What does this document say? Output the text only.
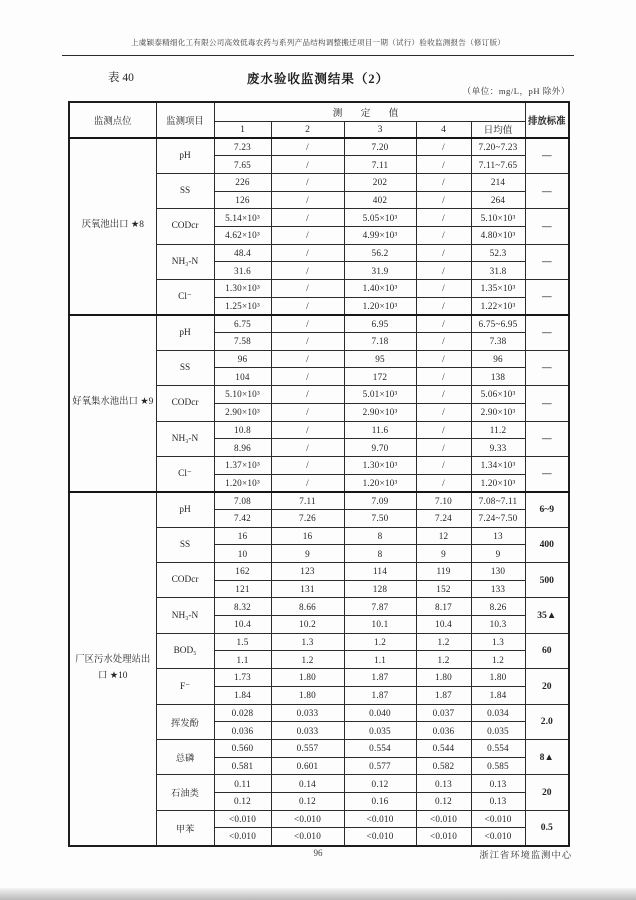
上虞颖泰精细化工有限公司高效低毒农药与系列产品结构调整搬迁项目一期（试行）验收监测报告（修订版）
表 40	废水验收监测结果（2）
（单位：mg/L，pH 除外）
监测点位	监测项目	测 定 值					排放标准
		1	2	3	4	日均值	
厌氧池出口 ★8	pH	7.23	/	7.20	/	7.20~7.23	—
		7.65	/	7.11	/	7.11~7.65	
	SS	226	/	202	/	214	—
		126	/	402	/	264	
	CODcr	5.14×10³	/	5.05×10³	/	5.10×10³	—
		4.62×10³	/	4.99×10³	/	4.80×10³	
	NH₃-N	48.4	/	56.2	/	52.3	—
		31.6	/	31.9	/	31.8	
	Cl⁻	1.30×10³	/	1.40×10³	/	1.35×10³	—
		1.25×10³	/	1.20×10³	/	1.22×10³	
好氧集水池出口 ★9	pH	6.75	/	6.95	/	6.75~6.95	—
		7.58	/	7.18	/	7.38	
	SS	96	/	95	/	96	—
		104	/	172	/	138	
	CODcr	5.10×10³	/	5.01×10³	/	5.06×10³	—
		2.90×10³	/	2.90×10³	/	2.90×10³	
	NH₃-N	10.8	/	11.6	/	11.2	—
		8.96	/	9.70	/	9.33	
	Cl⁻	1.37×10³	/	1.30×10³	/	1.34×10³	—
		1.20×10³	/	1.20×10³	/	1.20×10³	
厂区污水处理站出口 ★10	pH	7.08	7.11	7.09	7.10	7.08~7.11	6~9
		7.42	7.26	7.50	7.24	7.24~7.50	
	SS	16	16	8	12	13	400
		10	9	8	9	9	
	CODcr	162	123	114	119	130	500
		121	131	128	152	133	
	NH₃-N	8.32	8.66	7.87	8.17	8.26	35▲
		10.4	10.2	10.1	10.4	10.3	
	BOD₅	1.5	1.3	1.2	1.2	1.3	60
		1.1	1.2	1.1	1.2	1.2	
	F⁻	1.73	1.80	1.87	1.80	1.80	20
		1.84	1.80	1.87	1.87	1.84	
	挥发酚	0.028	0.033	0.040	0.037	0.034	2.0
		0.036	0.033	0.035	0.036	0.035	
	总磷	0.560	0.557	0.554	0.544	0.554	8▲
		0.581	0.601	0.577	0.582	0.585	
	石油类	0.11	0.14	0.12	0.13	0.13	20
		0.12	0.12	0.16	0.12	0.13	
	甲苯	<0.010	<0.010	<0.010	<0.010	<0.010	0.5
		<0.010	<0.010	<0.010	<0.010	<0.010	
96	浙江省环境监测中心
